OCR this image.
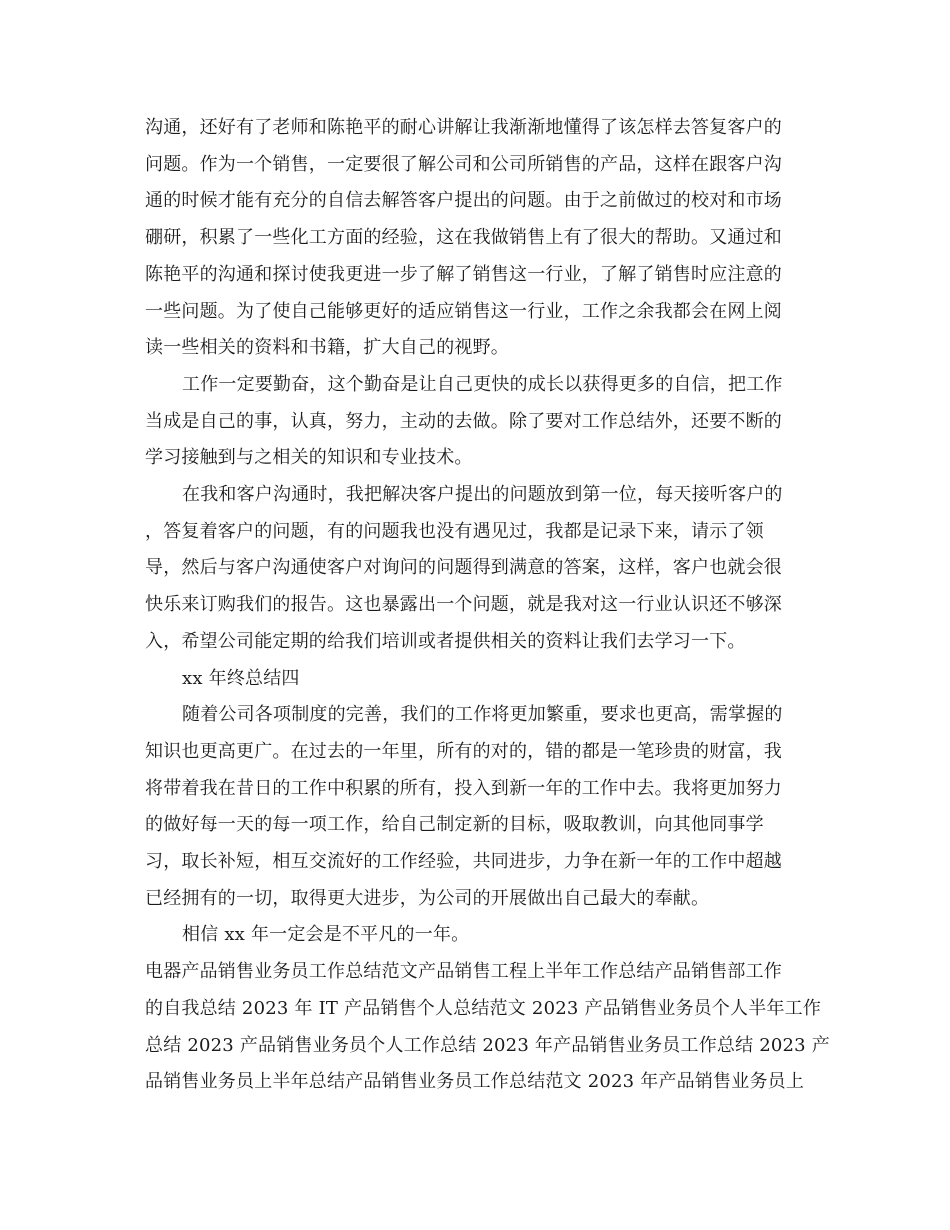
沟通，还好有了老师和陈艳平的耐心讲解让我渐渐地懂得了该怎样去答复客户的
问题。作为一个销售，一定要很了解公司和公司所销售的产品，这样在跟客户沟
通的时候才能有充分的自信去解答客户提出的问题。由于之前做过的校对和市场
硼研，积累了一些化工方面的经验，这在我做销售上有了很大的帮助。又通过和
陈艳平的沟通和探讨使我更进一步了解了销售这一行业，了解了销售时应注意的
一些问题。为了使自己能够更好的适应销售这一行业，工作之余我都会在网上阅
读一些相关的资料和书籍，扩大自己的视野。
工作一定要勤奋，这个勤奋是让自己更快的成长以获得更多的自信，把工作
当成是自己的事，认真，努力，主动的去做。除了要对工作总结外，还要不断的
学习接触到与之相关的知识和专业技术。
在我和客户沟通时，我把解决客户提出的问题放到第一位，每天接听客户的
，答复着客户的问题，有的问题我也没有遇见过，我都是记录下来，请示了领
导，然后与客户沟通使客户对询问的问题得到满意的答案，这样，客户也就会很
快乐来订购我们的报告。这也暴露出一个问题，就是我对这一行业认识还不够深
入，希望公司能定期的给我们培训或者提供相关的资料让我们去学习一下。
xx 年终总结四
随着公司各项制度的完善，我们的工作将更加繁重，要求也更高，需掌握的
知识也更高更广。在过去的一年里，所有的对的，错的都是一笔珍贵的财富，我
将带着我在昔日的工作中积累的所有，投入到新一年的工作中去。我将更加努力
的做好每一天的每一项工作，给自己制定新的目标，吸取教训，向其他同事学
习，取长补短，相互交流好的工作经验，共同进步，力争在新一年的工作中超越
已经拥有的一切，取得更大进步，为公司的开展做出自己最大的奉献。
相信 xx 年一定会是不平凡的一年。
电器产品销售业务员工作总结范文产品销售工程上半年工作总结产品销售部工作
的自我总结 2023 年 IT 产品销售个人总结范文 2023 产品销售业务员个人半年工作
总结 2023 产品销售业务员个人工作总结 2023 年产品销售业务员工作总结 2023 产
品销售业务员上半年总结产品销售业务员工作总结范文 2023 年产品销售业务员上
